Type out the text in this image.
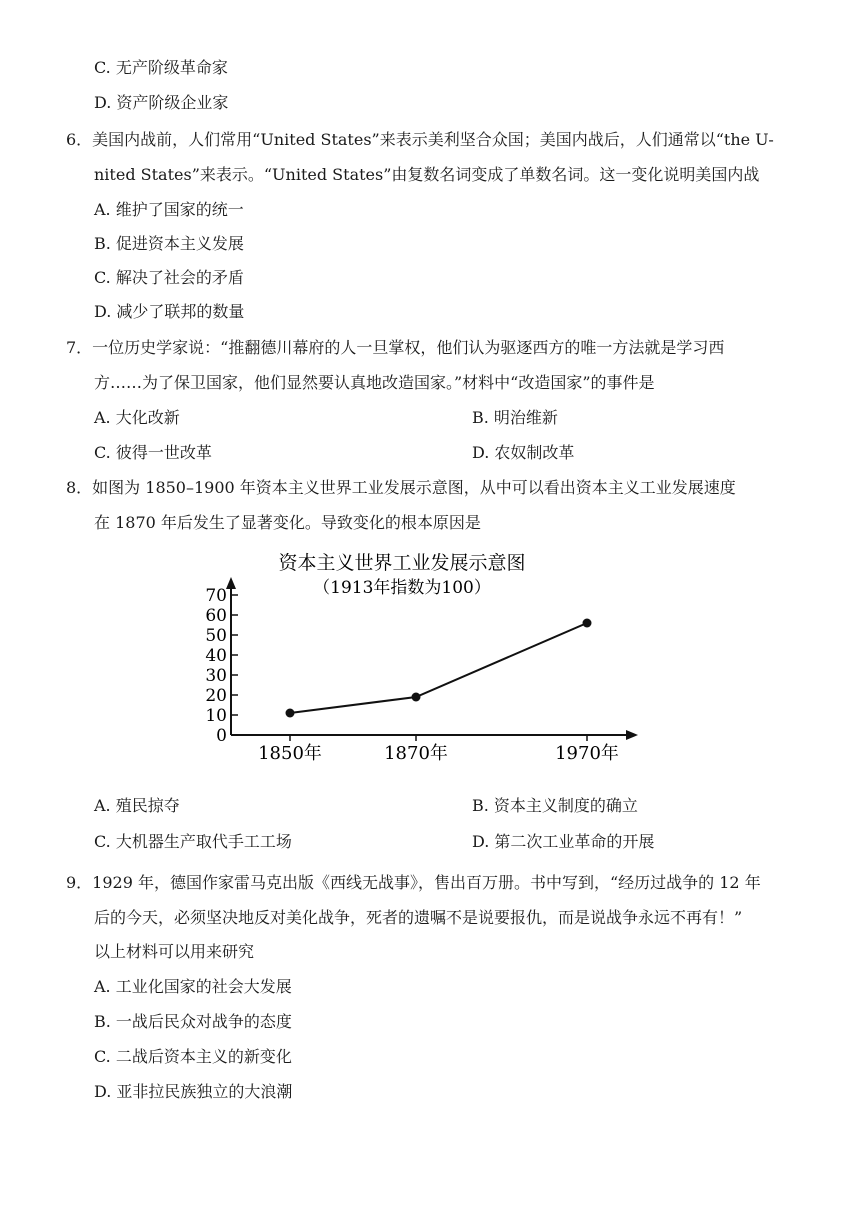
C. 无产阶级革命家
D. 资产阶级企业家
6．美国内战前，人们常用“United States”来表示美利坚合众国；美国内战后，人们通常以“the U-
nited States”来表示。“United States”由复数名词变成了单数名词。这一变化说明美国内战
A. 维护了国家的统一
B. 促进资本主义发展
C. 解决了社会的矛盾
D. 减少了联邦的数量
7．一位历史学家说：“推翻德川幕府的人一旦掌权，他们认为驱逐西方的唯一方法就是学习西
方……为了保卫国家，他们显然要认真地改造国家。”材料中“改造国家”的事件是
A. 大化改新	B. 明治维新
C. 彼得一世改革	D. 农奴制改革
8．如图为 1850–1900 年资本主义世界工业发展示意图，从中可以看出资本主义工业发展速度
在 1870 年后发生了显著变化。导致变化的根本原因是
资本主义世界工业发展示意图
（1913年指数为100）
0
10
20
30
40
50
60
70
1850年	1870年	1970年
A. 殖民掠夺	B. 资本主义制度的确立
C. 大机器生产取代手工工场	D. 第二次工业革命的开展
9．1929 年，德国作家雷马克出版《西线无战事》，售出百万册。书中写到，“经历过战争的 12 年
后的今天，必须坚决地反对美化战争，死者的遗嘱不是说要报仇，而是说战争永远不再有！”
以上材料可以用来研究
A. 工业化国家的社会大发展
B. 一战后民众对战争的态度
C. 二战后资本主义的新变化
D. 亚非拉民族独立的大浪潮
